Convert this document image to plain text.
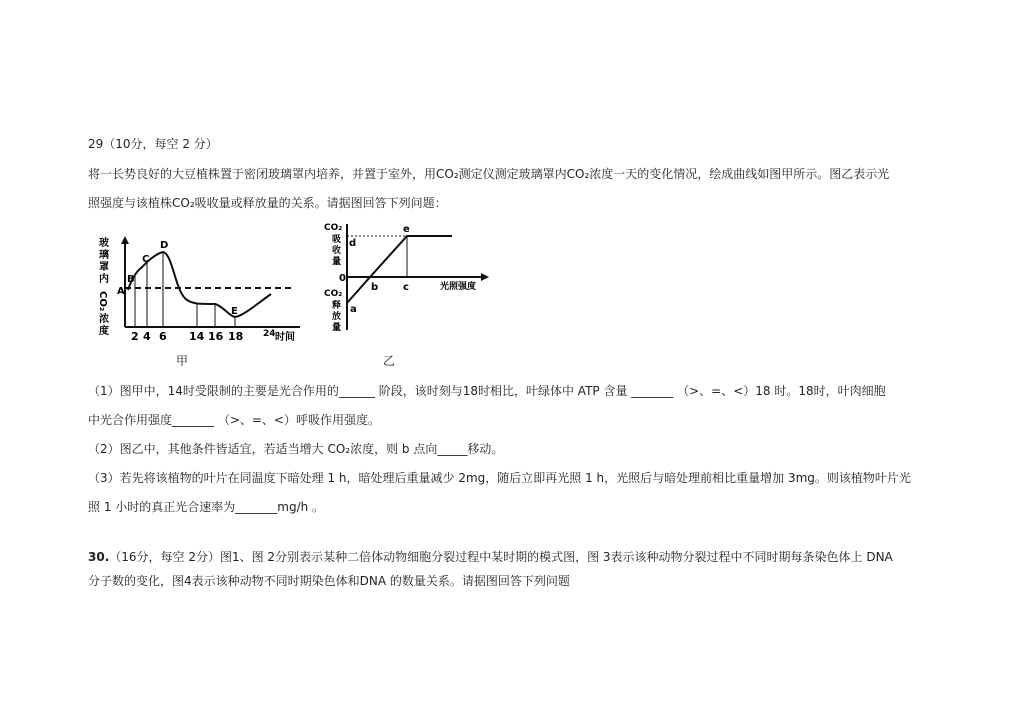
29（10分，每空 2 分）
将一长势良好的大豆植株置于密闭玻璃罩内培养，并置于室外，用CO₂测定仪测定玻璃罩内CO₂浓度一天的变化情况，绘成曲线如图甲所示。图乙表示光
照强度与该植株CO₂吸收量或释放量的关系。请据图回答下列问题：
玻
璃
罩
内
CO₂
浓
度
A
B
C
D
E
2 4 6 14 16 18 24 时间
甲
CO₂
吸
收
量
CO₂
释
放
量
0
a
b c
d
e
光照强度
乙
（1）图甲中，14时受限制的主要是光合作用的______ 阶段，该时刻与18时相比，叶绿体中 ATP 含量 _______ （>、=、<）18 时。18时，叶肉细胞
中光合作用强度_______ （>、=、<）呼吸作用强度。
（2）图乙中，其他条件皆适宜，若适当增大 CO₂浓度，则 b 点向_____移动。
（3）若先将该植物的叶片在同温度下暗处理 1 h，暗处理后重量减少 2mg，随后立即再光照 1 h，光照后与暗处理前相比重量增加 3mg。则该植物叶片光
照 1 小时的真正光合速率为_______mg/h 。
30.（16分，每空 2分）图1、图 2分别表示某种二倍体动物细胞分裂过程中某时期的模式图，图 3表示该种动物分裂过程中不同时期每条染色体上 DNA
分子数的变化，图4表示该种动物不同时期染色体和DNA 的数量关系。请据图回答下列问题
